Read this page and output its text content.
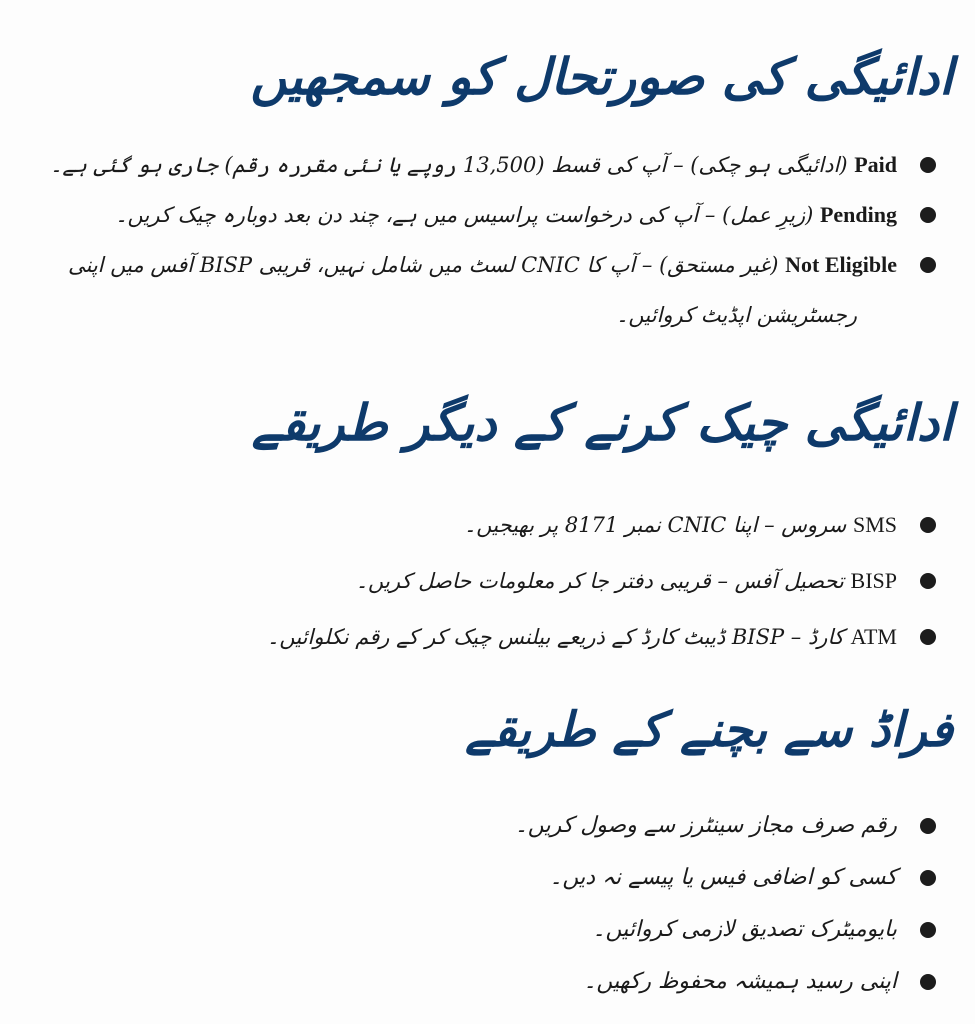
ادائیگی کی صورتحال کو سمجھیں
Paid (ادائیگی ہو چکی) – آپ کی قسط (13,500 روپے یا نئی مقررہ رقم) جاری ہو گئی ہے۔
Pending (زیرِ عمل) – آپ کی درخواست پراسیس میں ہے، چند دن بعد دوبارہ چیک کریں۔
Not Eligible (غیر مستحق) – آپ کا CNIC لسٹ میں شامل نہیں، قریبی BISP آفس میں اپنی
رجسٹریشن اپڈیٹ کروائیں۔
ادائیگی چیک کرنے کے دیگر طریقے
SMS سروس – اپنا CNIC نمبر 8171 پر بھیجیں۔
BISP تحصیل آفس – قریبی دفتر جا کر معلومات حاصل کریں۔
ATM کارڈ – BISP ڈیبٹ کارڈ کے ذریعے بیلنس چیک کر کے رقم نکلوائیں۔
فراڈ سے بچنے کے طریقے
رقم صرف مجاز سینٹرز سے وصول کریں۔
کسی کو اضافی فیس یا پیسے نہ دیں۔
بایومیٹرک تصدیق لازمی کروائیں۔
اپنی رسید ہمیشہ محفوظ رکھیں۔
